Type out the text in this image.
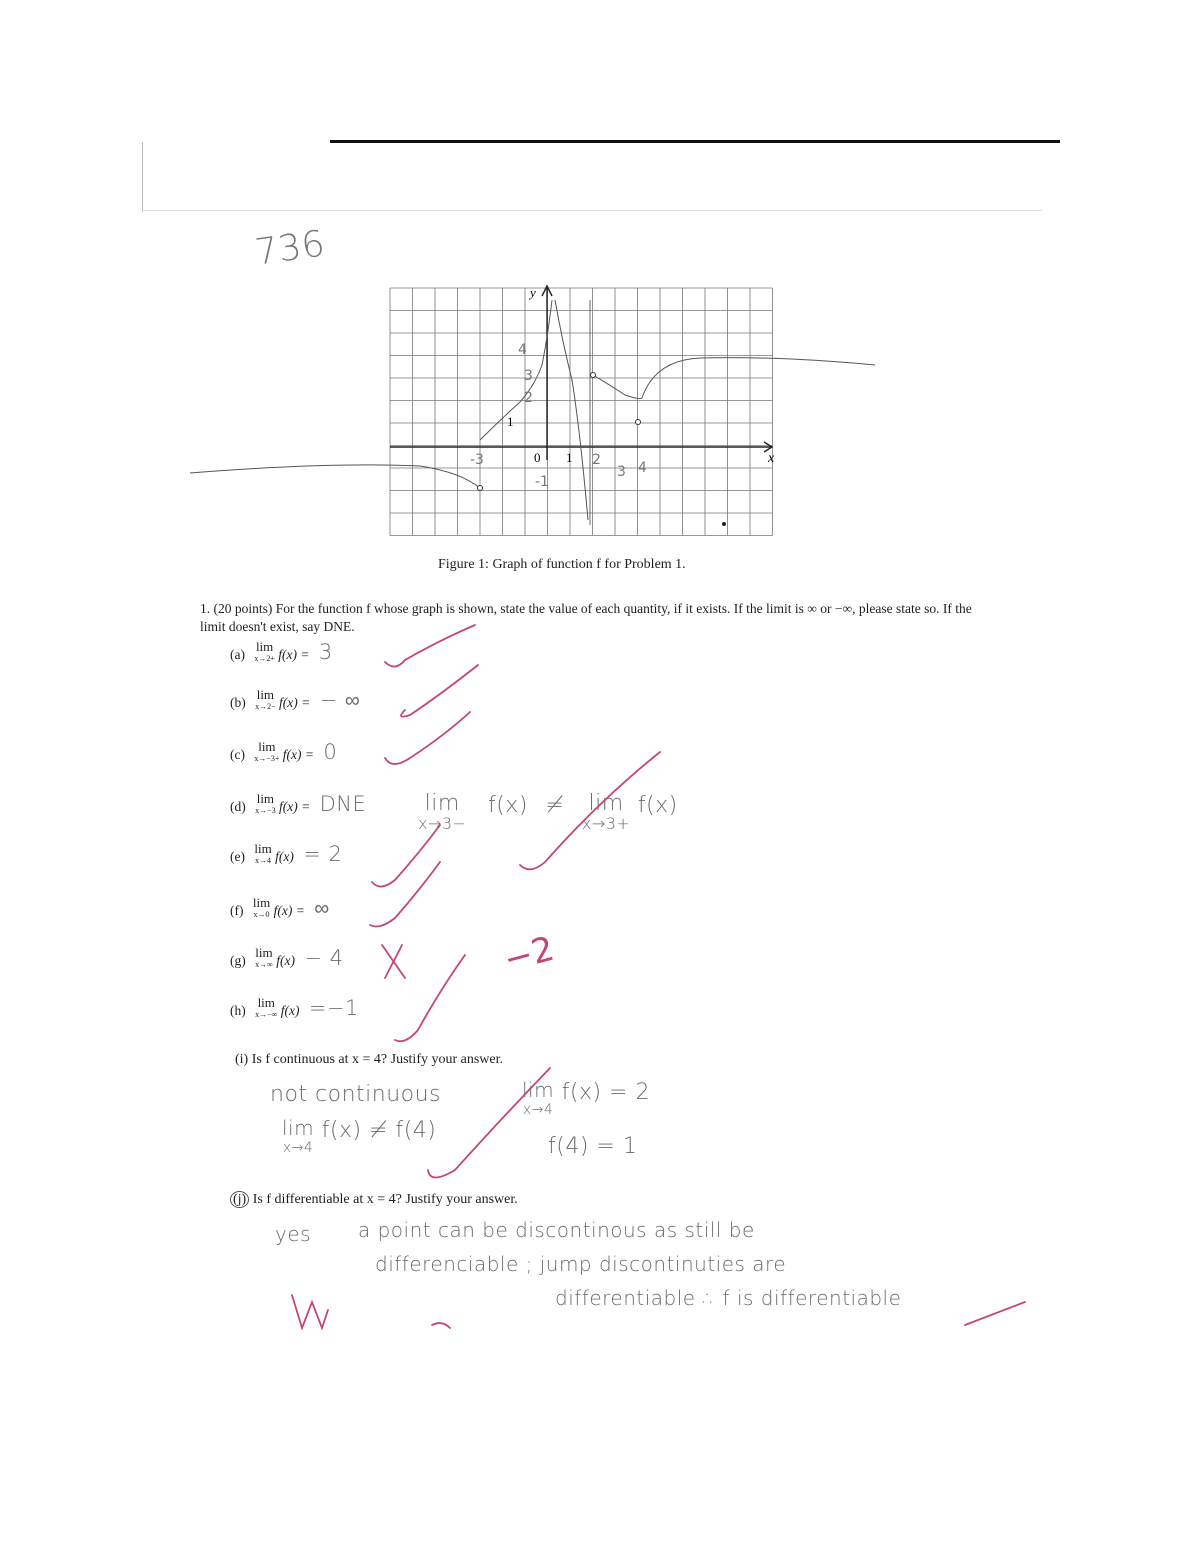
736
x
y
0 1
1
-3	2
3 4
4
3
2
-1
Figure 1: Graph of function f for Problem 1.
1. (20 points) For the function f whose graph is shown, state the value of each quantity, if it exists. If the limit is ∞ or −∞, please state so. If the limit doesn't exist, say DNE.
(a) lim
x→2+ f(x) = 3
(b) lim
x→2− f(x) = − ∞
(c) lim
x→−3+ f(x) = 0
(d) lim
x→−3 f(x) = DNE
(e) lim
x→4 f(x) = 2
(f) lim
x→0 f(x) = ∞
(g) lim
x→∞ f(x) − 4
(h) lim
x→−∞ f(x) =−1
lim
x→3−
f(x) ≠ lim
x→3+
f(x)
(i) Is f continuous at x = 4? Justify your answer.
not continuous
lim
x→4
f(x) ≠ f(4)
lim
x→4
f(x) = 2
f(4) = 1
(j) Is f differentiable at x = 4? Justify your answer.
yes a point can be discontinous as still be
differenciable ; jump discontinuties are
differentiable ∴ f is differentiable
−2
